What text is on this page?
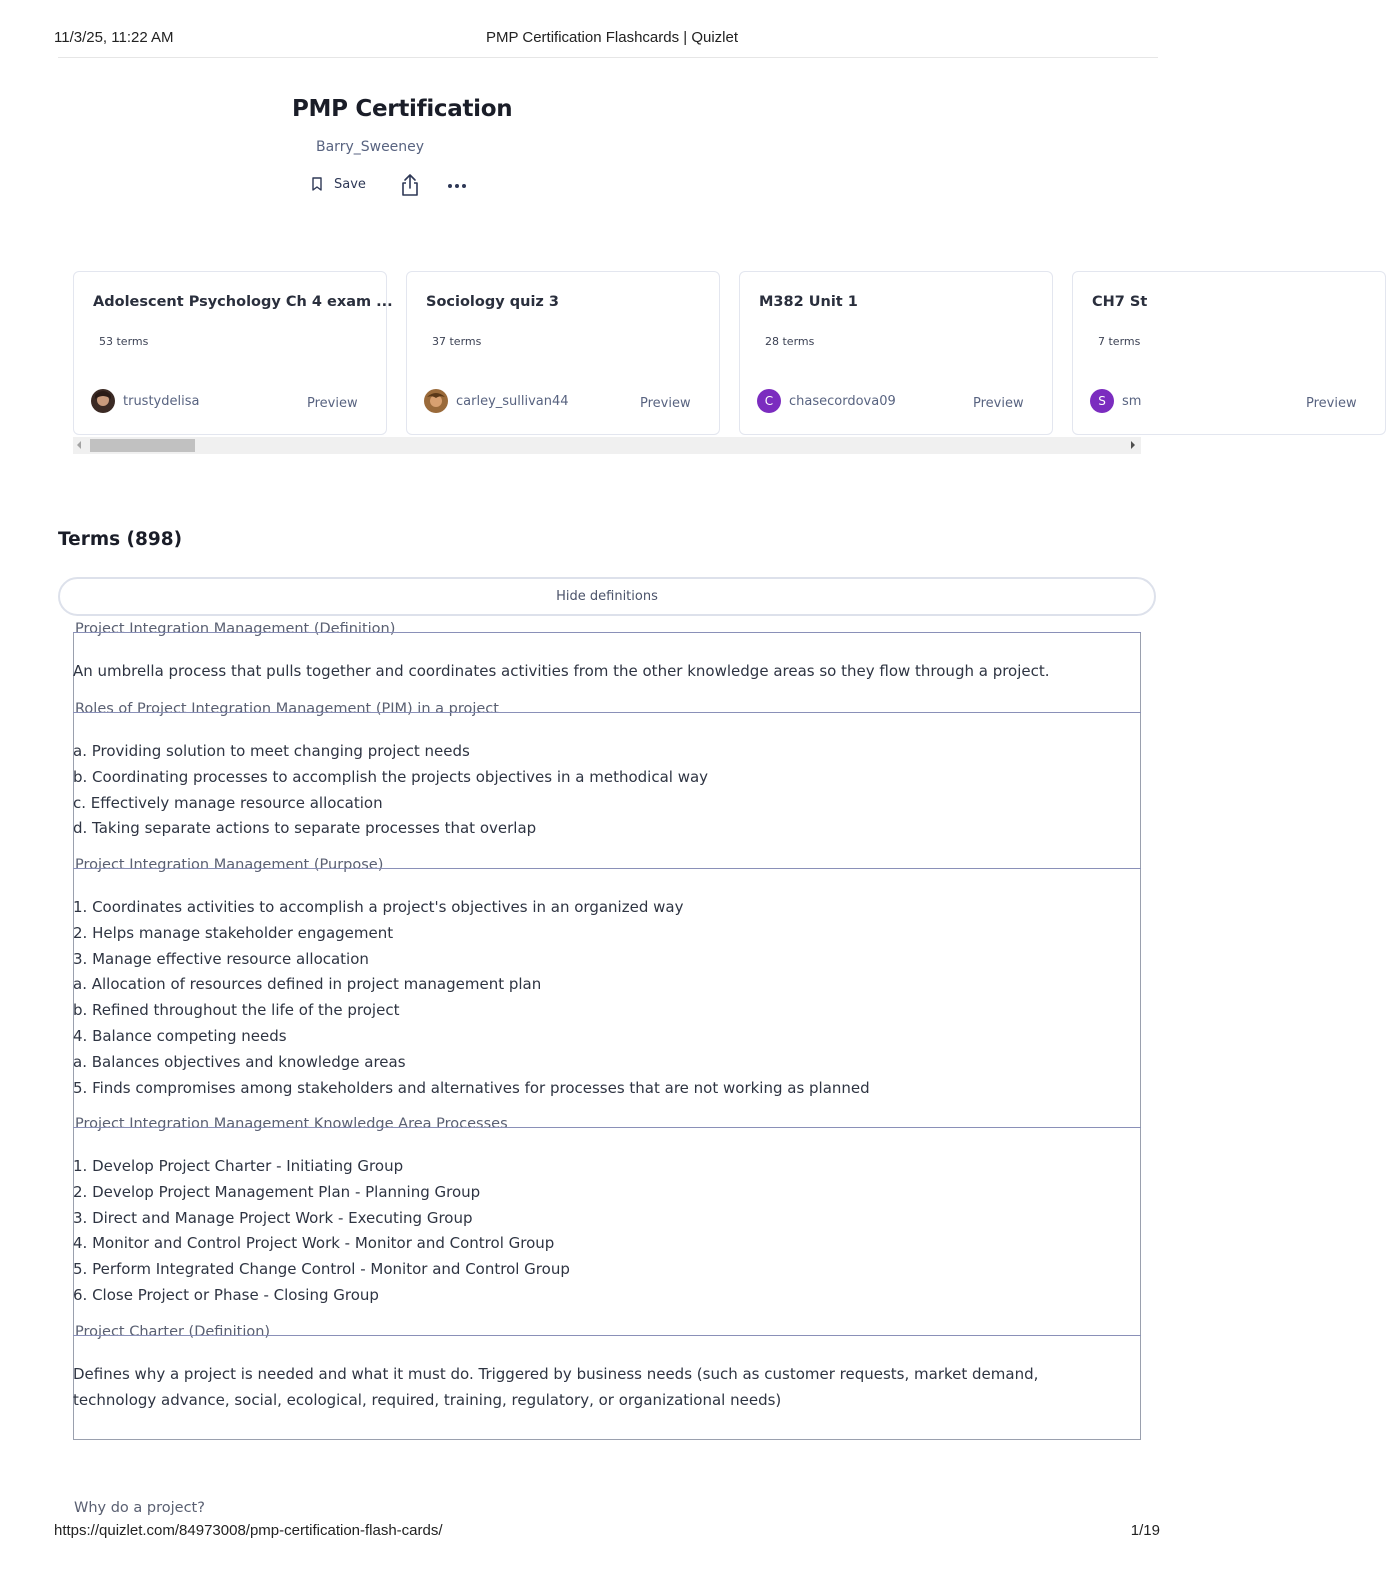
11/3/25, 11:22 AM	PMP Certification Flashcards | Quizlet
PMP Certification
Barry_Sweeney
Save
Adolescent Psychology Ch 4 exam ...
53 terms
trustydelisa	Preview
Sociology quiz 3
37 terms
carley_sullivan44	Preview
M382 Unit 1
28 terms
C	chasecordova09	Preview
CH7 St
7 terms
S	sm	Preview
Terms (898)
Hide definitions
Project Integration Management (Definition)
An umbrella process that pulls together and coordinates activities from the other knowledge areas so they flow through a project.
Roles of Project Integration Management (PIM) in a project
a. Providing solution to meet changing project needs
b. Coordinating processes to accomplish the projects objectives in a methodical way
c. Effectively manage resource allocation
d. Taking separate actions to separate processes that overlap
Project Integration Management (Purpose)
1. Coordinates activities to accomplish a project's objectives in an organized way
2. Helps manage stakeholder engagement
3. Manage effective resource allocation
a. Allocation of resources defined in project management plan
b. Refined throughout the life of the project
4. Balance competing needs
a. Balances objectives and knowledge areas
5. Finds compromises among stakeholders and alternatives for processes that are not working as planned
Project Integration Management Knowledge Area Processes
1. Develop Project Charter - Initiating Group
2. Develop Project Management Plan - Planning Group
3. Direct and Manage Project Work - Executing Group
4. Monitor and Control Project Work - Monitor and Control Group
5. Perform Integrated Change Control - Monitor and Control Group
6. Close Project or Phase - Closing Group
Project Charter (Definition)
Defines why a project is needed and what it must do. Triggered by business needs (such as customer requests, market demand, technology advance, social, ecological, required, training, regulatory, or organizational needs)
Why do a project?
https://quizlet.com/84973008/pmp-certification-flash-cards/	1/19
